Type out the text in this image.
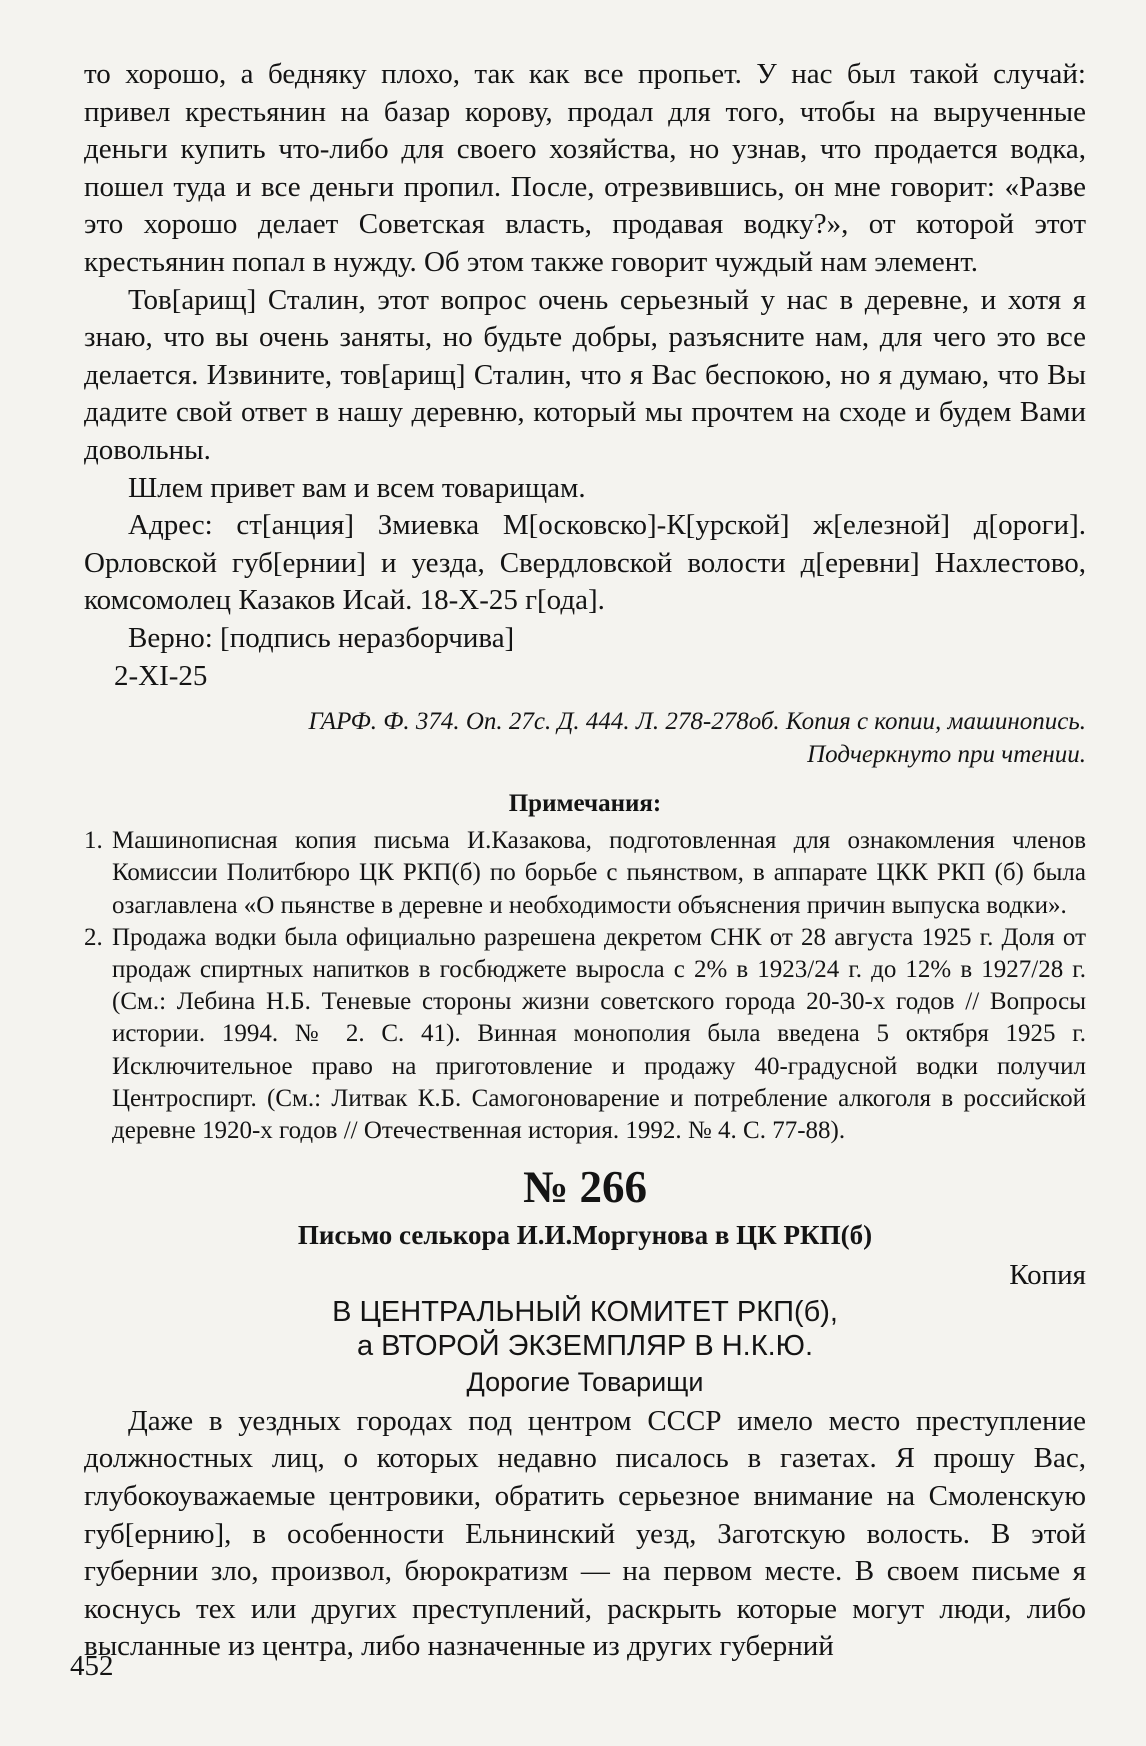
то хорошо, а бедняку плохо, так как все пропьет. У нас был такой случай: привел крестьянин на базар корову, продал для того, чтобы на вырученные деньги купить что-либо для своего хозяйства, но узнав, что продается водка, пошел туда и все деньги пропил. После, отрезвившись, он мне говорит: «Разве это хорошо делает Советская власть, продавая водку?», от которой этот крестьянин попал в нужду. Об этом также говорит чуждый нам элемент.

Тов[арищ] Сталин, этот вопрос очень серьезный у нас в деревне, и хотя я знаю, что вы очень заняты, но будьте добры, разъясните нам, для чего это все делается. Извините, тов[арищ] Сталин, что я Вас беспокою, но я думаю, что Вы дадите свой ответ в нашу деревню, который мы прочтем на сходе и будем Вами довольны.

Шлем привет вам и всем товарищам.

Адрес: ст[анция] Змиевка М[осковско]-К[урской] ж[елезной] д[ороги]. Орловской губ[ернии] и уезда, Свердловской волости д[еревни] Нахлестово, комсомолец Казаков Исай. 18-Х-25 г[ода].

Верно: [подпись неразборчива]

2-XI-25

ГАРФ. Ф. 374. Оп. 27с. Д. 444. Л. 278-278об. Копия с копии, машинопись.

Подчеркнуто при чтении.

Примечания:
1. Машинописная копия письма И.Казакова, подготовленная для ознакомления членов Комиссии Политбюро ЦК РКП(б) по борьбе с пьянством, в аппарате ЦКК РКП (б) была озаглавлена «О пьянстве в деревне и необходимости объяснения причин выпуска водки».
2. Продажа водки была официально разрешена декретом СНК от 28 августа 1925 г. Доля от продаж спиртных напитков в госбюджете выросла с 2% в 1923/24 г. до 12% в 1927/28 г. (См.: Лебина Н.Б. Теневые стороны жизни советского города 20-30-х годов // Вопросы истории. 1994. № 2. С. 41). Винная монополия была введена 5 октября 1925 г. Исключительное право на приготовление и продажу 40-градусной водки получил Центроспирт. (См.: Литвак К.Б. Самогоноварение и потребление алкоголя в российской деревне 1920-х годов // Отечественная история. 1992. № 4. С. 77-88).
№ 266
Письмо селькора И.И.Моргунова в ЦК РКП(б)
Копия
В ЦЕНТРАЛЬНЫЙ КОМИТЕТ РКП(б),
а ВТОРОЙ ЭКЗЕМПЛЯР В Н.К.Ю.
Дорогие Товарищи

Даже в уездных городах под центром СССР имело место преступление должностных лиц, о которых недавно писалось в газетах. Я прошу Вас, глубокоуважаемые центровики, обратить серьезное внимание на Смоленскую губ[ернию], в особенности Ельнинский уезд, Заготскую волость. В этой губернии зло, произвол, бюрократизм — на первом месте. В своем письме я коснусь тех или других преступлений, раскрыть которые могут люди, либо высланные из центра, либо назначенные из других губерний

452
